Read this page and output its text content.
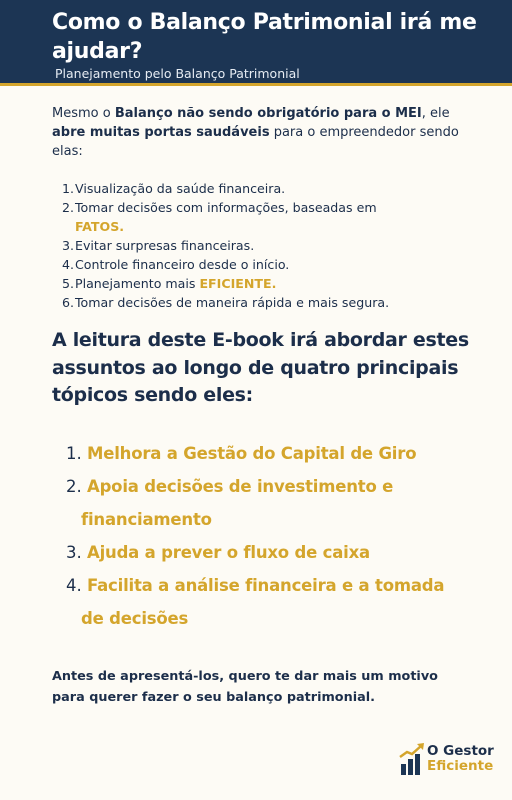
Como o Balanço Patrimonial irá me ajudar?
Planejamento pelo Balanço Patrimonial

Mesmo o Balanço não sendo obrigatório para o MEI, ele abre muitas portas saudáveis para o empreendedor sendo elas:

1. Visualização da saúde financeira.
2. Tomar decisões com informações, baseadas em
FATOS.
3. Evitar surpresas financeiras.
4. Controle financeiro desde o início.
5. Planejamento mais EFICIENTE.
6. Tomar decisões de maneira rápida e mais segura.
A leitura deste E-book irá abordar estes assuntos ao longo de quatro principais tópicos sendo eles:
1. Melhora a Gestão do Capital de Giro
2. Apoia decisões de investimento e
financiamento
3. Ajuda a prever o fluxo de caixa
4. Facilita a análise financeira e a tomada
de decisões

Antes de apresentá-los, quero te dar mais um motivo para querer fazer o seu balanço patrimonial.

O Gestor
Eficiente
